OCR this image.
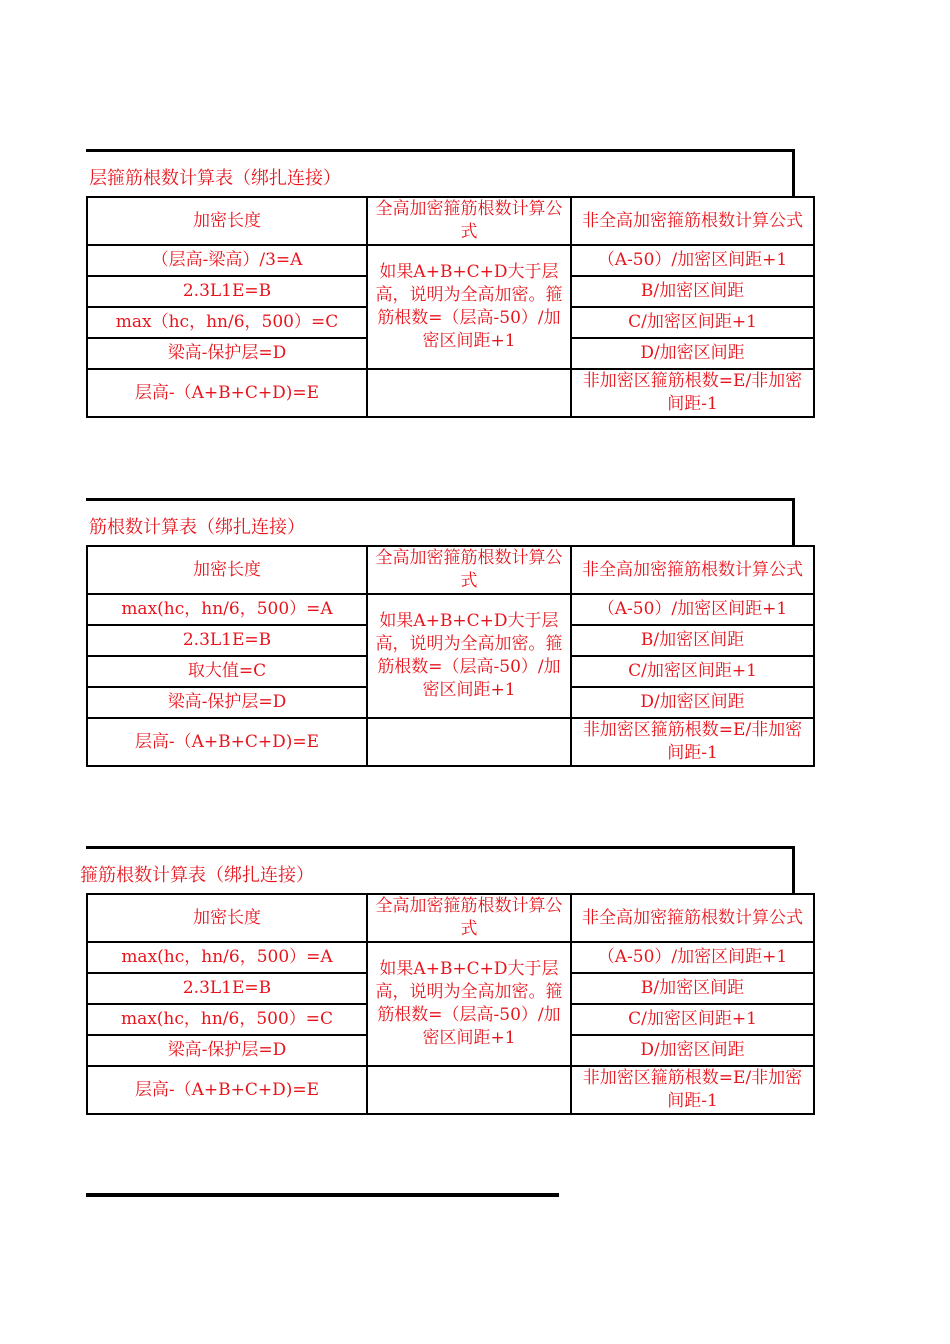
层箍筋根数计算表（绑扎连接）
加密长度	全高加密箍筋根数计算公式	非全高加密箍筋根数计算公式
（层高-梁高）/3=A	如果A+B+C+D大于层高，说明为全高加密。箍筋根数=（层高-50）/加密区间距+1	（A-50）/加密区间距+1
2.3L1E=B		B/加密区间距
max（hc，hn/6，500）=C		C/加密区间距+1
梁高-保护层=D		D/加密区间距
层高-（A+B+C+D)=E		非加密区箍筋根数=E/非加密间距-1
筋根数计算表（绑扎连接）
加密长度	全高加密箍筋根数计算公式	非全高加密箍筋根数计算公式
max(hc，hn/6，500）=A	如果A+B+C+D大于层高，说明为全高加密。箍筋根数=（层高-50）/加密区间距+1	（A-50）/加密区间距+1
2.3L1E=B		B/加密区间距
取大值=C		C/加密区间距+1
梁高-保护层=D		D/加密区间距
层高-（A+B+C+D)=E		非加密区箍筋根数=E/非加密间距-1
箍筋根数计算表（绑扎连接）
加密长度	全高加密箍筋根数计算公式	非全高加密箍筋根数计算公式
max(hc，hn/6，500）=A	如果A+B+C+D大于层高，说明为全高加密。箍筋根数=（层高-50）/加密区间距+1	（A-50）/加密区间距+1
2.3L1E=B		B/加密区间距
max(hc，hn/6，500）=C		C/加密区间距+1
梁高-保护层=D		D/加密区间距
层高-（A+B+C+D)=E		非加密区箍筋根数=E/非加密间距-1
